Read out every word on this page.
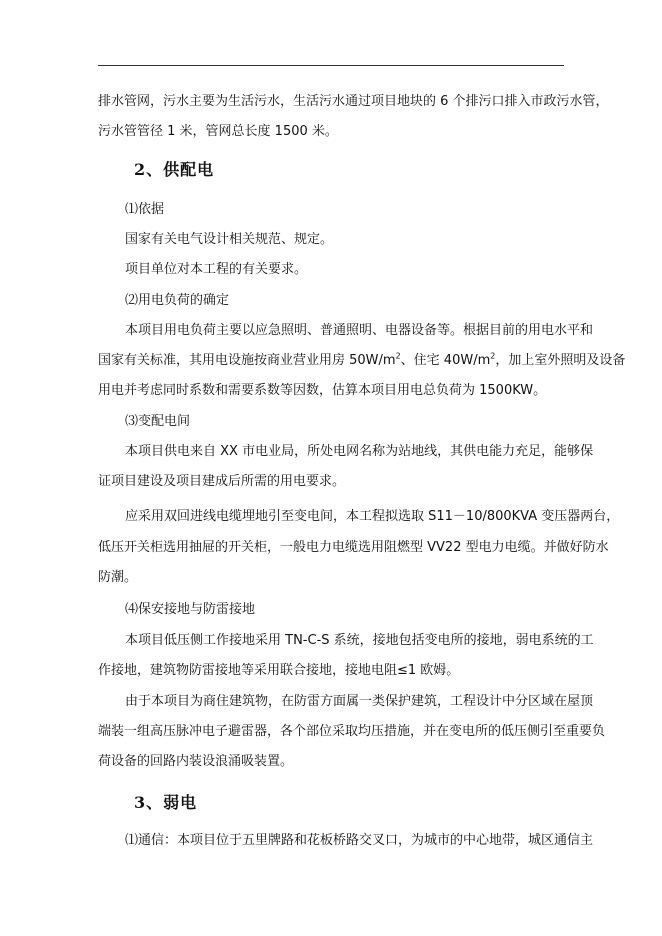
排水管网，污水主要为生活污水，生活污水通过项目地块的 6 个排污口排入市政污水管，
污水管管径 1 米，管网总长度 1500 米。
2、供配电
⑴依据
国家有关电气设计相关规范、规定。
项目单位对本工程的有关要求。
⑵用电负荷的确定
本项目用电负荷主要以应急照明、普通照明、电器设备等。根据目前的用电水平和
国家有关标准，其用电设施按商业营业用房 $50W/m^2$、住宅 $40W/m^2$，加上室外照明及设备
用电并考虑同时系数和需要系数等因数，估算本项目用电总负荷为 1500KW。
⑶变配电间
本项目供电来自 XX 市电业局，所处电网名称为站地线，其供电能力充足，能够保
证项目建设及项目建成后所需的用电要求。
应采用双回进线电缆埋地引至变电间，本工程拟选取 S11－10/800KVA 变压器两台，
低压开关柜选用抽屉的开关柜，一般电力电缆选用阻燃型 VV22 型电力电缆。并做好防水
防潮。
⑷保安接地与防雷接地
本项目低压侧工作接地采用 TN-C-S 系统，接地包括变电所的接地，弱电系统的工
作接地，建筑物防雷接地等采用联合接地，接地电阻≤1 欧姆。
由于本项目为商住建筑物，在防雷方面属一类保护建筑，工程设计中分区域在屋顶
端装一组高压脉冲电子避雷器，各个部位采取均压措施，并在变电所的低压侧引至重要负
荷设备的回路内装设浪涌吸装置。
3、弱电
⑴通信：本项目位于五里牌路和花板桥路交叉口，为城市的中心地带，城区通信主
